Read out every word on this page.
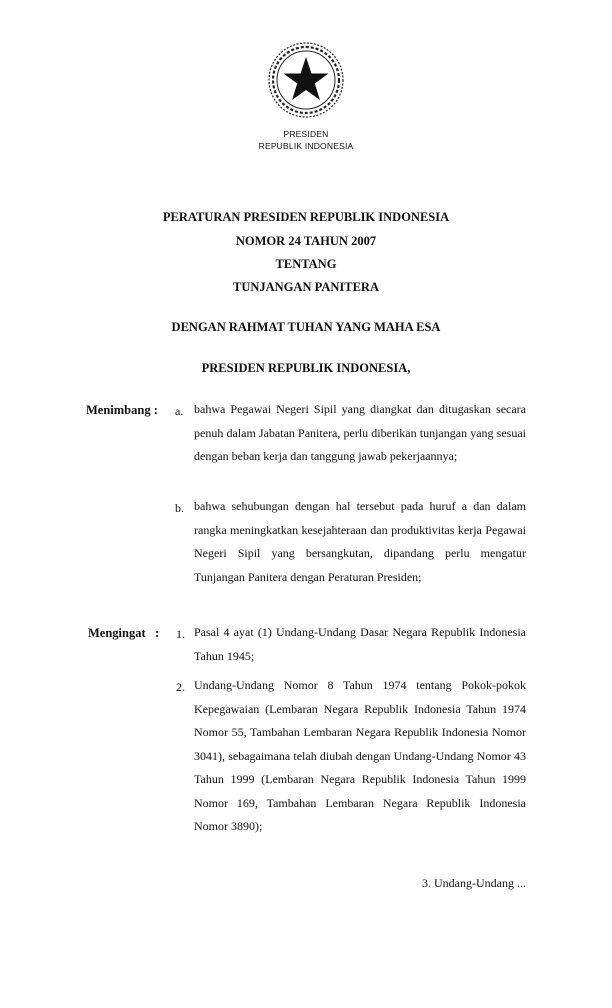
PRESIDEN
REPUBLIK INDONESIA
PERATURAN PRESIDEN REPUBLIK INDONESIA
NOMOR 24 TAHUN 2007
TENTANG
TUNJANGAN PANITERA
DENGAN RAHMAT TUHAN YANG MAHA ESA
PRESIDEN REPUBLIK INDONESIA,
Menimbang : a. bahwa Pegawai Negeri Sipil yang diangkat dan ditugaskan secara penuh dalam Jabatan Panitera, perlu diberikan tunjangan yang sesuai dengan beban kerja dan tanggung jawab pekerjaannya;
b. bahwa sehubungan dengan hal tersebut pada huruf a dan dalam rangka meningkatkan kesejahteraan dan produktivitas kerja Pegawai Negeri Sipil yang bersangkutan, dipandang perlu mengatur Tunjangan Panitera dengan Peraturan Presiden;
Mengingat   : 1. Pasal 4 ayat (1) Undang-Undang Dasar Negara Republik Indonesia Tahun 1945;
2. Undang-Undang Nomor 8 Tahun 1974 tentang Pokok-pokok Kepegawaian (Lembaran Negara Republik Indonesia Tahun 1974 Nomor 55, Tambahan Lembaran Negara Republik Indonesia Nomor 3041), sebagaimana telah diubah dengan Undang-Undang Nomor 43 Tahun 1999 (Lembaran Negara Republik Indonesia Tahun 1999 Nomor 169, Tambahan Lembaran Negara Republik Indonesia Nomor 3890);
3. Undang-Undang ...
